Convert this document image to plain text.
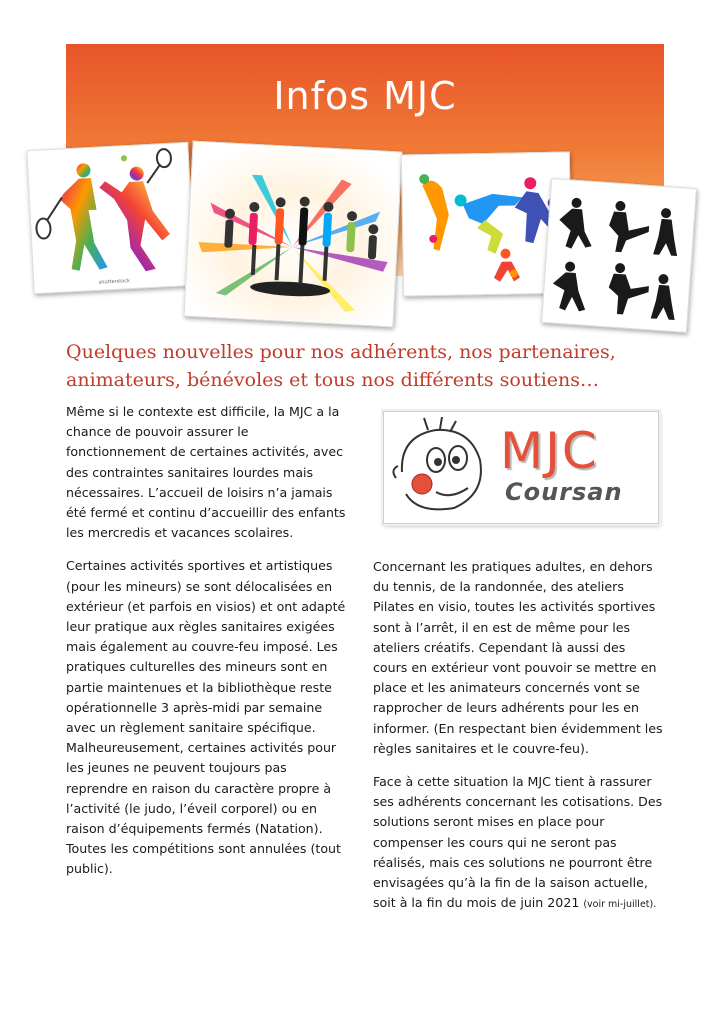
Infos MJC
shutterstock
Quelques nouvelles pour nos adhérents, nos partenaires, animateurs, bénévoles et tous nos différents soutiens…

Même si le contexte est difficile, la MJC a la chance de pouvoir assurer le fonctionnement de certaines activités, avec des contraintes sanitaires lourdes mais nécessaires. L’accueil de loisirs n’a jamais été fermé et continu d’accueillir des enfants les mercredis et vacances scolaires.

Certaines activités sportives et artistiques (pour les mineurs) se sont délocalisées en extérieur (et parfois en visios) et ont adapté leur pratique aux règles sanitaires exigées mais également au couvre-feu imposé. Les pratiques culturelles des mineurs sont en partie maintenues et la bibliothèque reste opérationnelle 3 après-midi par semaine avec un règlement sanitaire spécifique. Malheureusement, certaines activités pour les jeunes ne peuvent toujours pas reprendre en raison du caractère propre à l’activité (le judo, l’éveil corporel) ou en raison d’équipements fermés (Natation). Toutes les compétitions sont annulées (tout public).

MJC
Coursan

Concernant les pratiques adultes, en dehors du tennis, de la randonnée, des ateliers Pilates en visio, toutes les activités sportives sont à l’arrêt, il en est de même pour les ateliers créatifs. Cependant là aussi des cours en extérieur vont pouvoir se mettre en place et les animateurs concernés vont se rapprocher de leurs adhérents pour les en informer. (En respectant bien évidemment les règles sanitaires et le couvre-feu).

Face à cette situation la MJC tient à rassurer ses adhérents concernant les cotisations. Des solutions seront mises en place pour compenser les cours qui ne seront pas réalisés, mais ces solutions ne pourront être envisagées qu’à la fin de la saison actuelle, soit à la fin du mois de juin 2021 (voir mi-juillet).
